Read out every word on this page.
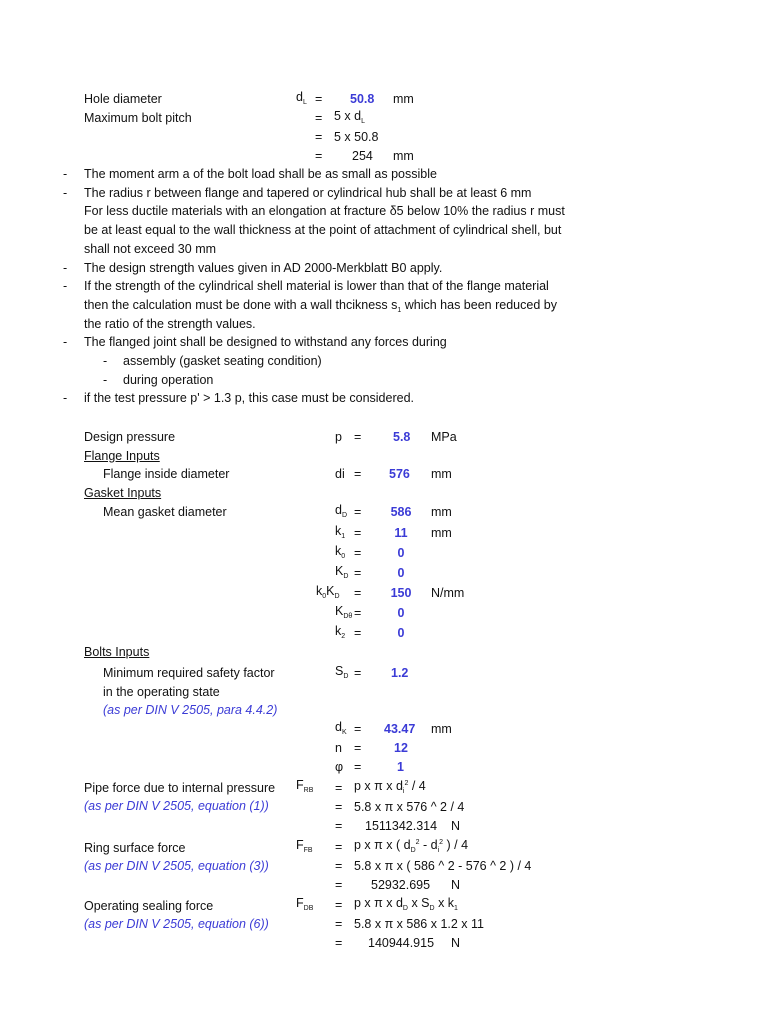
Hole diameter	$d_L = 50.8$ mm
Maximum bolt pitch	= 5 x $d_L$
= 5 x 50.8
= 254 mm
- The moment arm a of the bolt load shall be as small as possible
- The radius r between flange and tapered or cylindrical hub shall be at least 6 mm
For less ductile materials with an elongation at fracture δ5 below 10% the radius r must
be at least equal to the wall thickness at the point of attachment of cylindrical shell, but
shall not exceed 30 mm
- The design strength values given in AD 2000-Merkblatt B0 apply.
- If the strength of the cylindrical shell material is lower than that of the flange material
then the calculation must be done with a wall thcikness $s_1$ which has been reduced by
the ratio of the strength values.
- The flanged joint shall be designed to withstand any forces during
- assembly (gasket seating condition)
- during operation
- if the test pressure p' > 1.3 p, this case must be considered.
Design pressure	p =	5.8 MPa
Flange Inputs
Flange inside diameter	di = 576 mm
Gasket Inputs
Mean gasket diameter	$d_D$ =	586	mm
$k_1$ =	11	mm
$k_0$ =	0
$K_D$ =	0
$k_0K_D$ =	150	N/mm
$K_{D\theta}$ =	0
$k_2$ =	0
Bolts Inputs
Minimum required safety factor
in the operating state
(as per DIN V 2505, para 4.4.2)
$S_D = 1.2$
$d_K = 43.47$ mm
n =	12
φ =	1
Pipe force due to internal pressure
(as per DIN V 2505, equation (1))
$F_{RB} = p$ x π x $d_i^2 / 4$
= 5.8 x π x 576 ^ 2 / 4
= 1511342.314 N
Ring surface force
(as per DIN V 2505, equation (3))
$F_{FB} = p$ x π x ( $d_D^2 - d_i^2$ ) / 4
= 5.8 x π x ( 586 ^ 2 - 576 ^ 2 ) / 4
= 52932.695 N
Operating sealing force
(as per DIN V 2505, equation (6))
$F_{DB} = p$ x π x $d_D$ x $S_D$ x $k_1$
= 5.8 x π x 586 x 1.2 x 11
= 140944.915 N
